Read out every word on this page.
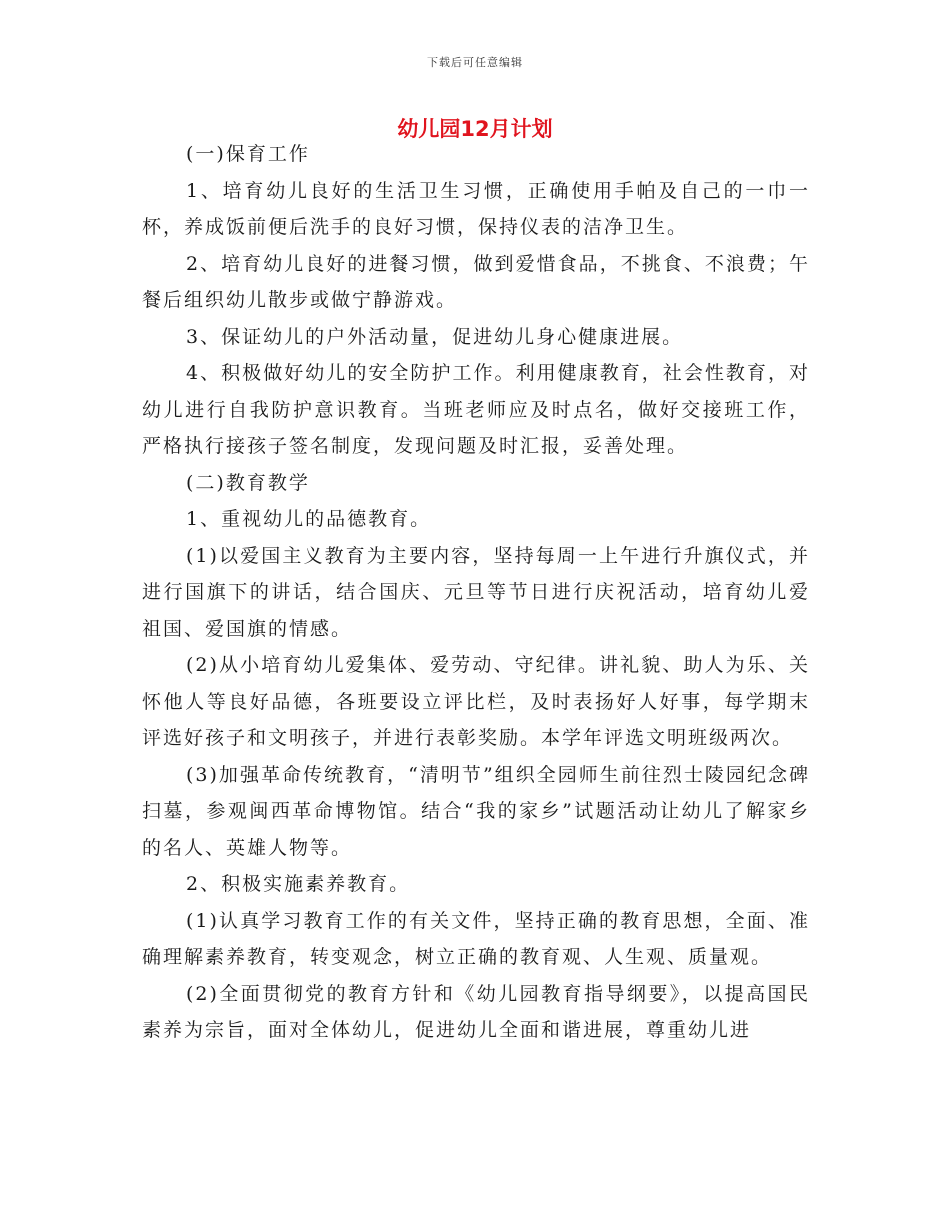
下载后可任意编辑
幼儿园12月计划

(一)保育工作

1、培育幼儿良好的生活卫生习惯，正确使用手帕及自己的一巾一杯，养成饭前便后洗手的良好习惯，保持仪表的洁净卫生。

2、培育幼儿良好的进餐习惯，做到爱惜食品，不挑食、不浪费；午餐后组织幼儿散步或做宁静游戏。

3、保证幼儿的户外活动量，促进幼儿身心健康进展。

4、积极做好幼儿的安全防护工作。利用健康教育，社会性教育，对幼儿进行自我防护意识教育。当班老师应及时点名，做好交接班工作，严格执行接孩子签名制度，发现问题及时汇报，妥善处理。

(二)教育教学

1、重视幼儿的品德教育。

(1)以爱国主义教育为主要内容，坚持每周一上午进行升旗仪式，并进行国旗下的讲话，结合国庆、元旦等节日进行庆祝活动，培育幼儿爱祖国、爱国旗的情感。

(2)从小培育幼儿爱集体、爱劳动、守纪律。讲礼貌、助人为乐、关怀他人等良好品德，各班要设立评比栏，及时表扬好人好事，每学期末评选好孩子和文明孩子，并进行表彰奖励。本学年评选文明班级两次。

(3)加强革命传统教育，“清明节”组织全园师生前往烈士陵园纪念碑扫墓，参观闽西革命博物馆。结合“我的家乡”试题活动让幼儿了解家乡的名人、英雄人物等。

2、积极实施素养教育。

(1)认真学习教育工作的有关文件，坚持正确的教育思想，全面、准确理解素养教育，转变观念，树立正确的教育观、人生观、质量观。

(2)全面贯彻党的教育方针和《幼儿园教育指导纲要》，以提高国民素养为宗旨，面对全体幼儿，促进幼儿全面和谐进展，尊重幼儿进
